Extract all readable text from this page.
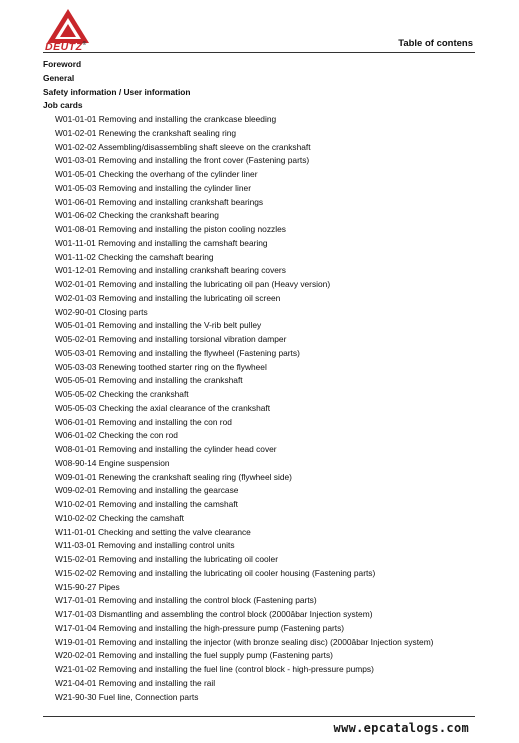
DEUTZ®	Table of contens
Foreword
General
Safety information / User information
Job cards
W01-01-01 Removing and installing the crankcase bleeding
W01-02-01 Renewing the crankshaft sealing ring
W01-02-02 Assembling/disassembling shaft sleeve on the crankshaft
W01-03-01 Removing and installing the front cover (Fastening parts)
W01-05-01 Checking the overhang of the cylinder liner
W01-05-03 Removing and installing the cylinder liner
W01-06-01 Removing and installing crankshaft bearings
W01-06-02 Checking the crankshaft bearing
W01-08-01 Removing and installing the piston cooling nozzles
W01-11-01 Removing and installing the camshaft bearing
W01-11-02 Checking the camshaft bearing
W01-12-01 Removing and installing crankshaft bearing covers
W02-01-01 Removing and installing the lubricating oil pan (Heavy version)
W02-01-03 Removing and installing the lubricating oil screen
W02-90-01 Closing parts
W05-01-01 Removing and installing the V-rib belt pulley
W05-02-01 Removing and installing torsional vibration damper
W05-03-01 Removing and installing the flywheel (Fastening parts)
W05-03-03 Renewing toothed starter ring on the flywheel
W05-05-01 Removing and installing the crankshaft
W05-05-02 Checking the crankshaft
W05-05-03 Checking the axial clearance of the crankshaft
W06-01-01 Removing and installing the con rod
W06-01-02 Checking the con rod
W08-01-01 Removing and installing the cylinder head cover
W08-90-14 Engine suspension
W09-01-01 Renewing the crankshaft sealing ring (flywheel side)
W09-02-01 Removing and installing the gearcase
W10-02-01 Removing and installing the camshaft
W10-02-02 Checking the camshaft
W11-01-01 Checking and setting the valve clearance
W11-03-01 Removing and installing control units
W15-02-01 Removing and installing the lubricating oil cooler
W15-02-02 Removing and installing the lubricating oil cooler housing (Fastening parts)
W15-90-27 Pipes
W17-01-01 Removing and installing the control block (Fastening parts)
W17-01-03 Dismantling and assembling the control block (2000âbar Injection system)
W17-01-04 Removing and installing the high-pressure pump (Fastening parts)
W19-01-01 Removing and installing the injector (with bronze sealing disc) (2000âbar Injection system)
W20-02-01 Removing and installing the fuel supply pump (Fastening parts)
W21-01-02 Removing and installing the fuel line (control block - high-pressure pumps)
W21-04-01 Removing and installing the rail
W21-90-30 Fuel line, Connection parts
www.epcatalogs.com
